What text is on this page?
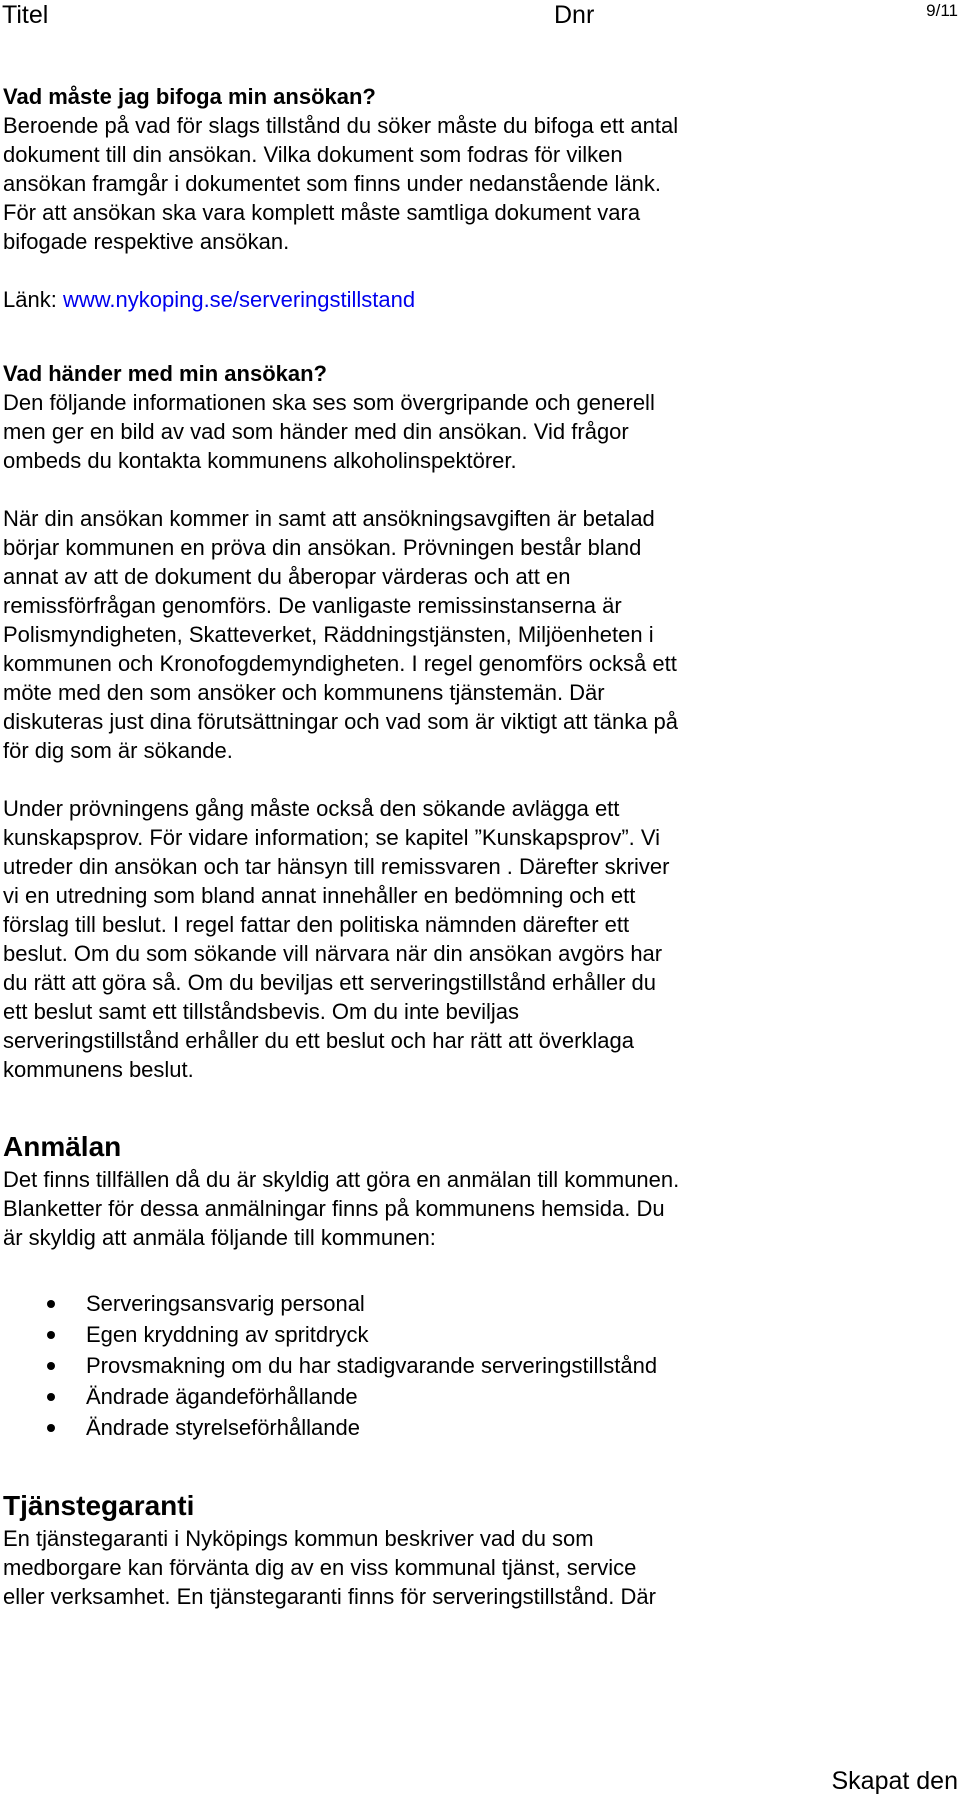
Titel	Dnr	9/11

Vad måste jag bifoga min ansökan?

Beroende på vad för slags tillstånd du söker måste du bifoga ett antal

dokument till din ansökan. Vilka dokument som fodras för vilken

ansökan framgår i dokumentet som finns under nedanstående länk.

För att ansökan ska vara komplett måste samtliga dokument vara

bifogade respektive ansökan.

Länk: www.nykoping.se/serveringstillstand

Vad händer med min ansökan?

Den följande informationen ska ses som övergripande och generell

men ger en bild av vad som händer med din ansökan. Vid frågor

ombeds du kontakta kommunens alkoholinspektörer.

När din ansökan kommer in samt att ansökningsavgiften är betalad

börjar kommunen en pröva din ansökan. Prövningen består bland

annat av att de dokument du åberopar värderas och att en

remissförfrågan genomförs. De vanligaste remissinstanserna är

Polismyndigheten, Skatteverket, Räddningstjänsten, Miljöenheten i

kommunen och Kronofogdemyndigheten. I regel genomförs också ett

möte med den som ansöker och kommunens tjänstemän. Där

diskuteras just dina förutsättningar och vad som är viktigt att tänka på

för dig som är sökande.

Under prövningens gång måste också den sökande avlägga ett

kunskapsprov. För vidare information; se kapitel ”Kunskapsprov”. Vi

utreder din ansökan och tar hänsyn till remissvaren . Därefter skriver

vi en utredning som bland annat innehåller en bedömning och ett

förslag till beslut. I regel fattar den politiska nämnden därefter ett

beslut. Om du som sökande vill närvara när din ansökan avgörs har

du rätt att göra så. Om du beviljas ett serveringstillstånd erhåller du

ett beslut samt ett tillståndsbevis. Om du inte beviljas

serveringstillstånd erhåller du ett beslut och har rätt att överklaga

kommunens beslut.

Anmälan

Det finns tillfällen då du är skyldig att göra en anmälan till kommunen.

Blanketter för dessa anmälningar finns på kommunens hemsida. Du

är skyldig att anmäla följande till kommunen:

Serveringsansvarig personal
Egen kryddning av spritdryck
Provsmakning om du har stadigvarande serveringstillstånd
Ändrade ägandeförhållande
Ändrade styrelseförhållande

Tjänstegaranti

En tjänstegaranti i Nyköpings kommun beskriver vad du som

medborgare kan förvänta dig av en viss kommunal tjänst, service

eller verksamhet. En tjänstegaranti finns för serveringstillstånd. Där

Skapat den
